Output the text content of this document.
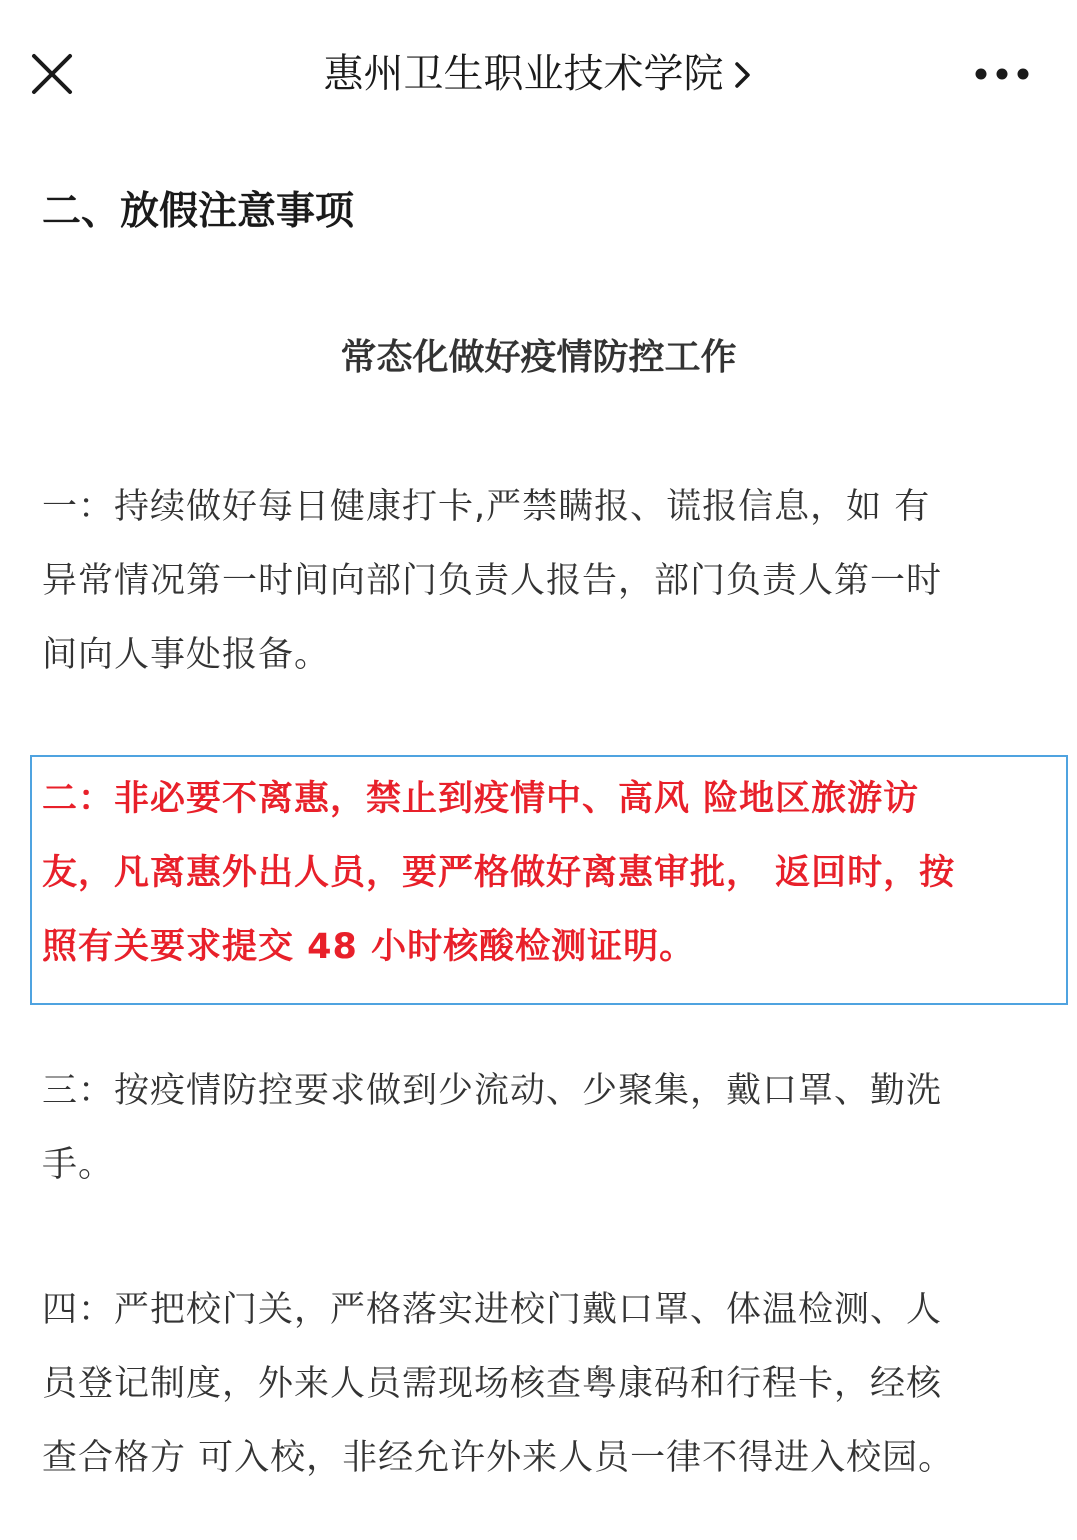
惠州卫生职业技术学院
二、放假注意事项
常态化做好疫情防控工作
一：持续做好每日健康打卡,严禁瞒报、谎报信息，如 有
异常情况第一时间向部门负责人报告，部门负责人第一时
间向人事处报备。
二：非必要不离惠，禁止到疫情中、高风 险地区旅游访
友，凡离惠外出人员，要严格做好离惠审批， 返回时，按
照有关要求提交 48 小时核酸检测证明。
三：按疫情防控要求做到少流动、少聚集，戴口罩、勤洗
手。
四：严把校门关，严格落实进校门戴口罩、体温检测、人
员登记制度，外来人员需现场核查粤康码和行程卡，经核
查合格方 可入校，非经允许外来人员一律不得进入校园。
